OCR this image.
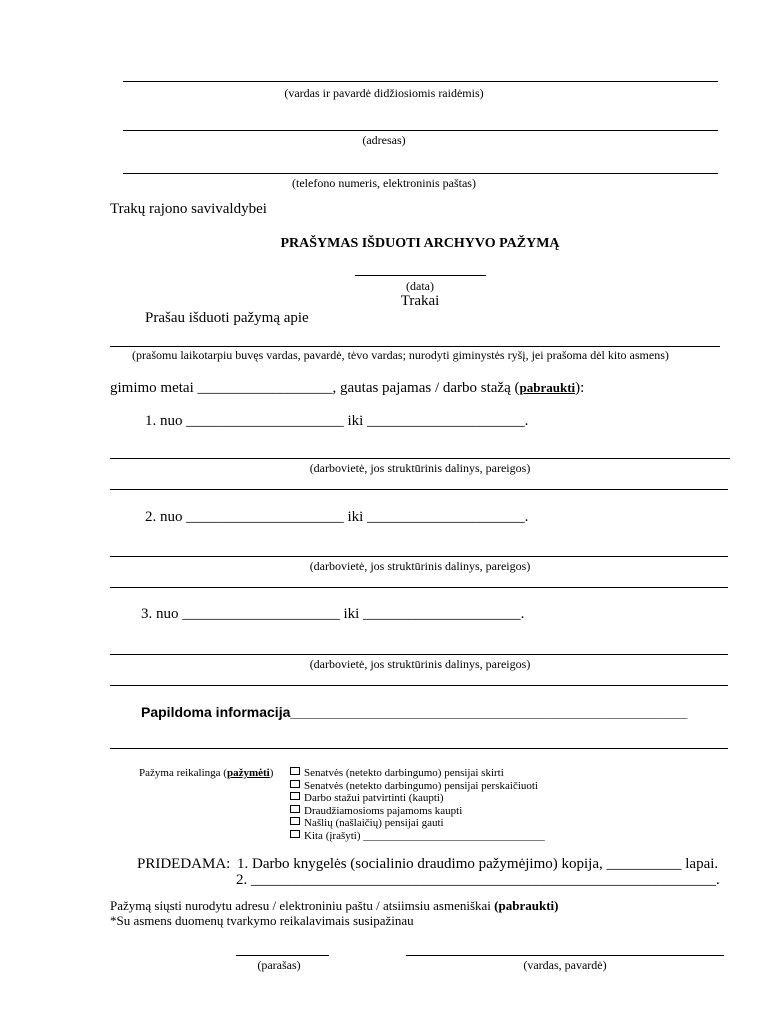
(vardas ir pavardė didžiosiomis raidėmis)
(adresas)
(telefono numeris, elektroninis paštas)
Trakų rajono savivaldybei
PRAŠYMAS IŠDUOTI ARCHYVO PAŽYMĄ
(data)
Trakai
Prašau išduoti pažymą apie
(prašomu laikotarpiu buvęs vardas, pavardė, tėvo vardas; nurodyti giminystės ryšį, jei prašoma dėl kito asmens)
gimimo metai __________________, gautas pajamas / darbo stažą (pabraukti):
1. nuo _____________________ iki _____________________.
(darbovietė, jos struktūrinis dalinys, pareigos)
2. nuo _____________________ iki _____________________.
(darbovietė, jos struktūrinis dalinys, pareigos)
3. nuo _____________________ iki _____________________.
(darbovietė, jos struktūrinis dalinys, pareigos)
Papildoma informacija___________________________________________________
Pažyma reikalinga (pažymėti)	Senatvės (netekto darbingumo) pensijai skirti
Senatvės (netekto darbingumo) pensijai perskaičiuoti
Darbo stažui patvirtinti (kaupti)
Draudžiamosioms pajamoms kaupti
Našlių (našlaičių) pensijai gauti
Kita (įrašyti) _________________________________
PRIDEDAMA: 1. Darbo knygelės (socialinio draudimo pažymėjimo) kopija, __________ lapai.
2. ______________________________________________________________.
Pažymą siųsti nurodytu adresu / elektroniniu paštu / atsiimsiu asmeniškai (pabraukti)
*Su asmens duomenų tvarkymo reikalavimais susipažinau
(parašas)	(vardas, pavardė)
